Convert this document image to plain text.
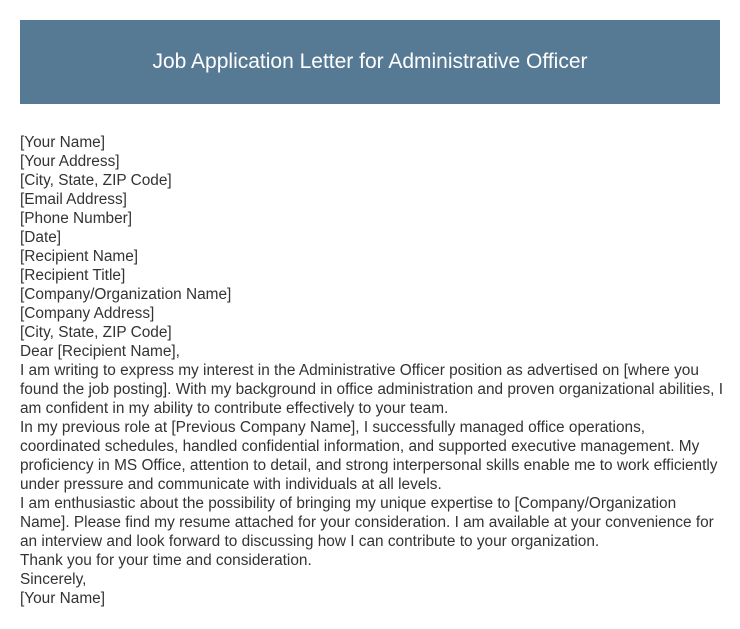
Job Application Letter for Administrative Officer
[Your Name]
[Your Address]
[City, State, ZIP Code]
[Email Address]
[Phone Number]
[Date]
[Recipient Name]
[Recipient Title]
[Company/Organization Name]
[Company Address]
[City, State, ZIP Code]
Dear [Recipient Name],
I am writing to express my interest in the Administrative Officer position as advertised on [where you found the job posting]. With my background in office administration and proven organizational abilities, I am confident in my ability to contribute effectively to your team.
In my previous role at [Previous Company Name], I successfully managed office operations, coordinated schedules, handled confidential information, and supported executive management. My proficiency in MS Office, attention to detail, and strong interpersonal skills enable me to work efficiently under pressure and communicate with individuals at all levels.
I am enthusiastic about the possibility of bringing my unique expertise to [Company/Organization Name]. Please find my resume attached for your consideration. I am available at your convenience for an interview and look forward to discussing how I can contribute to your organization.
Thank you for your time and consideration.
Sincerely,
[Your Name]
